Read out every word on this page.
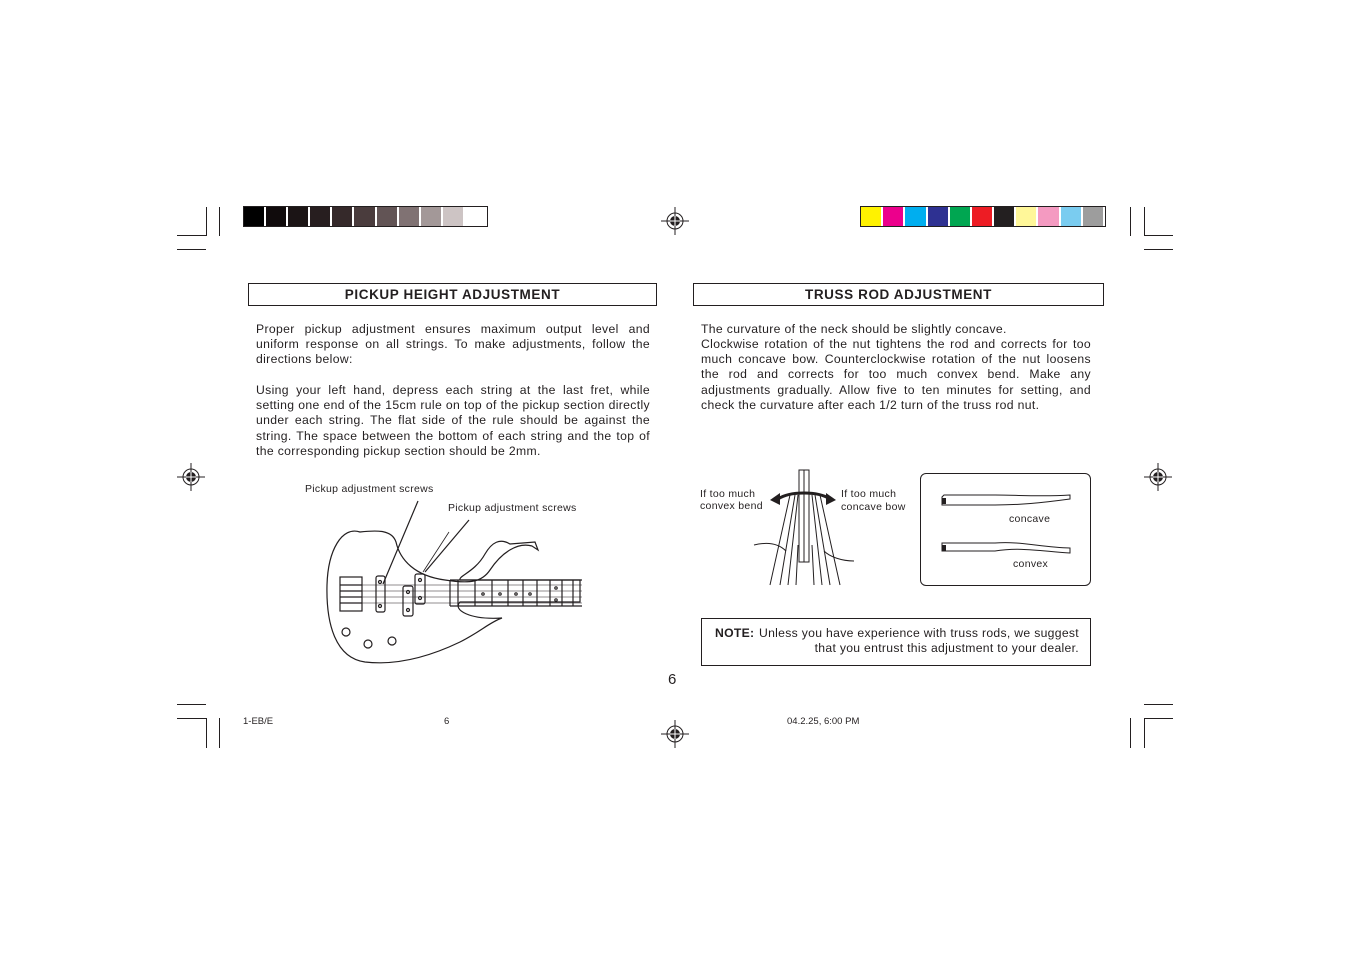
PICKUP HEIGHT ADJUSTMENT
Proper pickup adjustment ensures maximum output level and uniform response on all strings. To make adjustments, follow the directions below:
Using your left hand, depress each string at the last fret, while setting one end of the 15cm rule on top of the pickup section directly under each string. The flat side of the rule should be against the string. The space between the bottom of each string and the top of the corresponding pickup section should be 2mm.
Pickup adjustment screws
Pickup adjustment screws
TRUSS ROD ADJUSTMENT
The curvature of the neck should be slightly concave.
Clockwise rotation of the nut tightens the rod and corrects for too much concave bow. Counterclockwise rotation of the nut loosens the rod and corrects for too much convex bend. Make any adjustments gradually. Allow five to ten minutes for setting, and check the curvature after each 1/2 turn of the truss rod nut.
If too much
convex bend
If too much
concave bow
concave
convex
NOTE: Unless you have experience with truss rods, we suggest that you entrust this adjustment to your dealer.
6
1-EB/E	6	04.2.25, 6:00 PM
